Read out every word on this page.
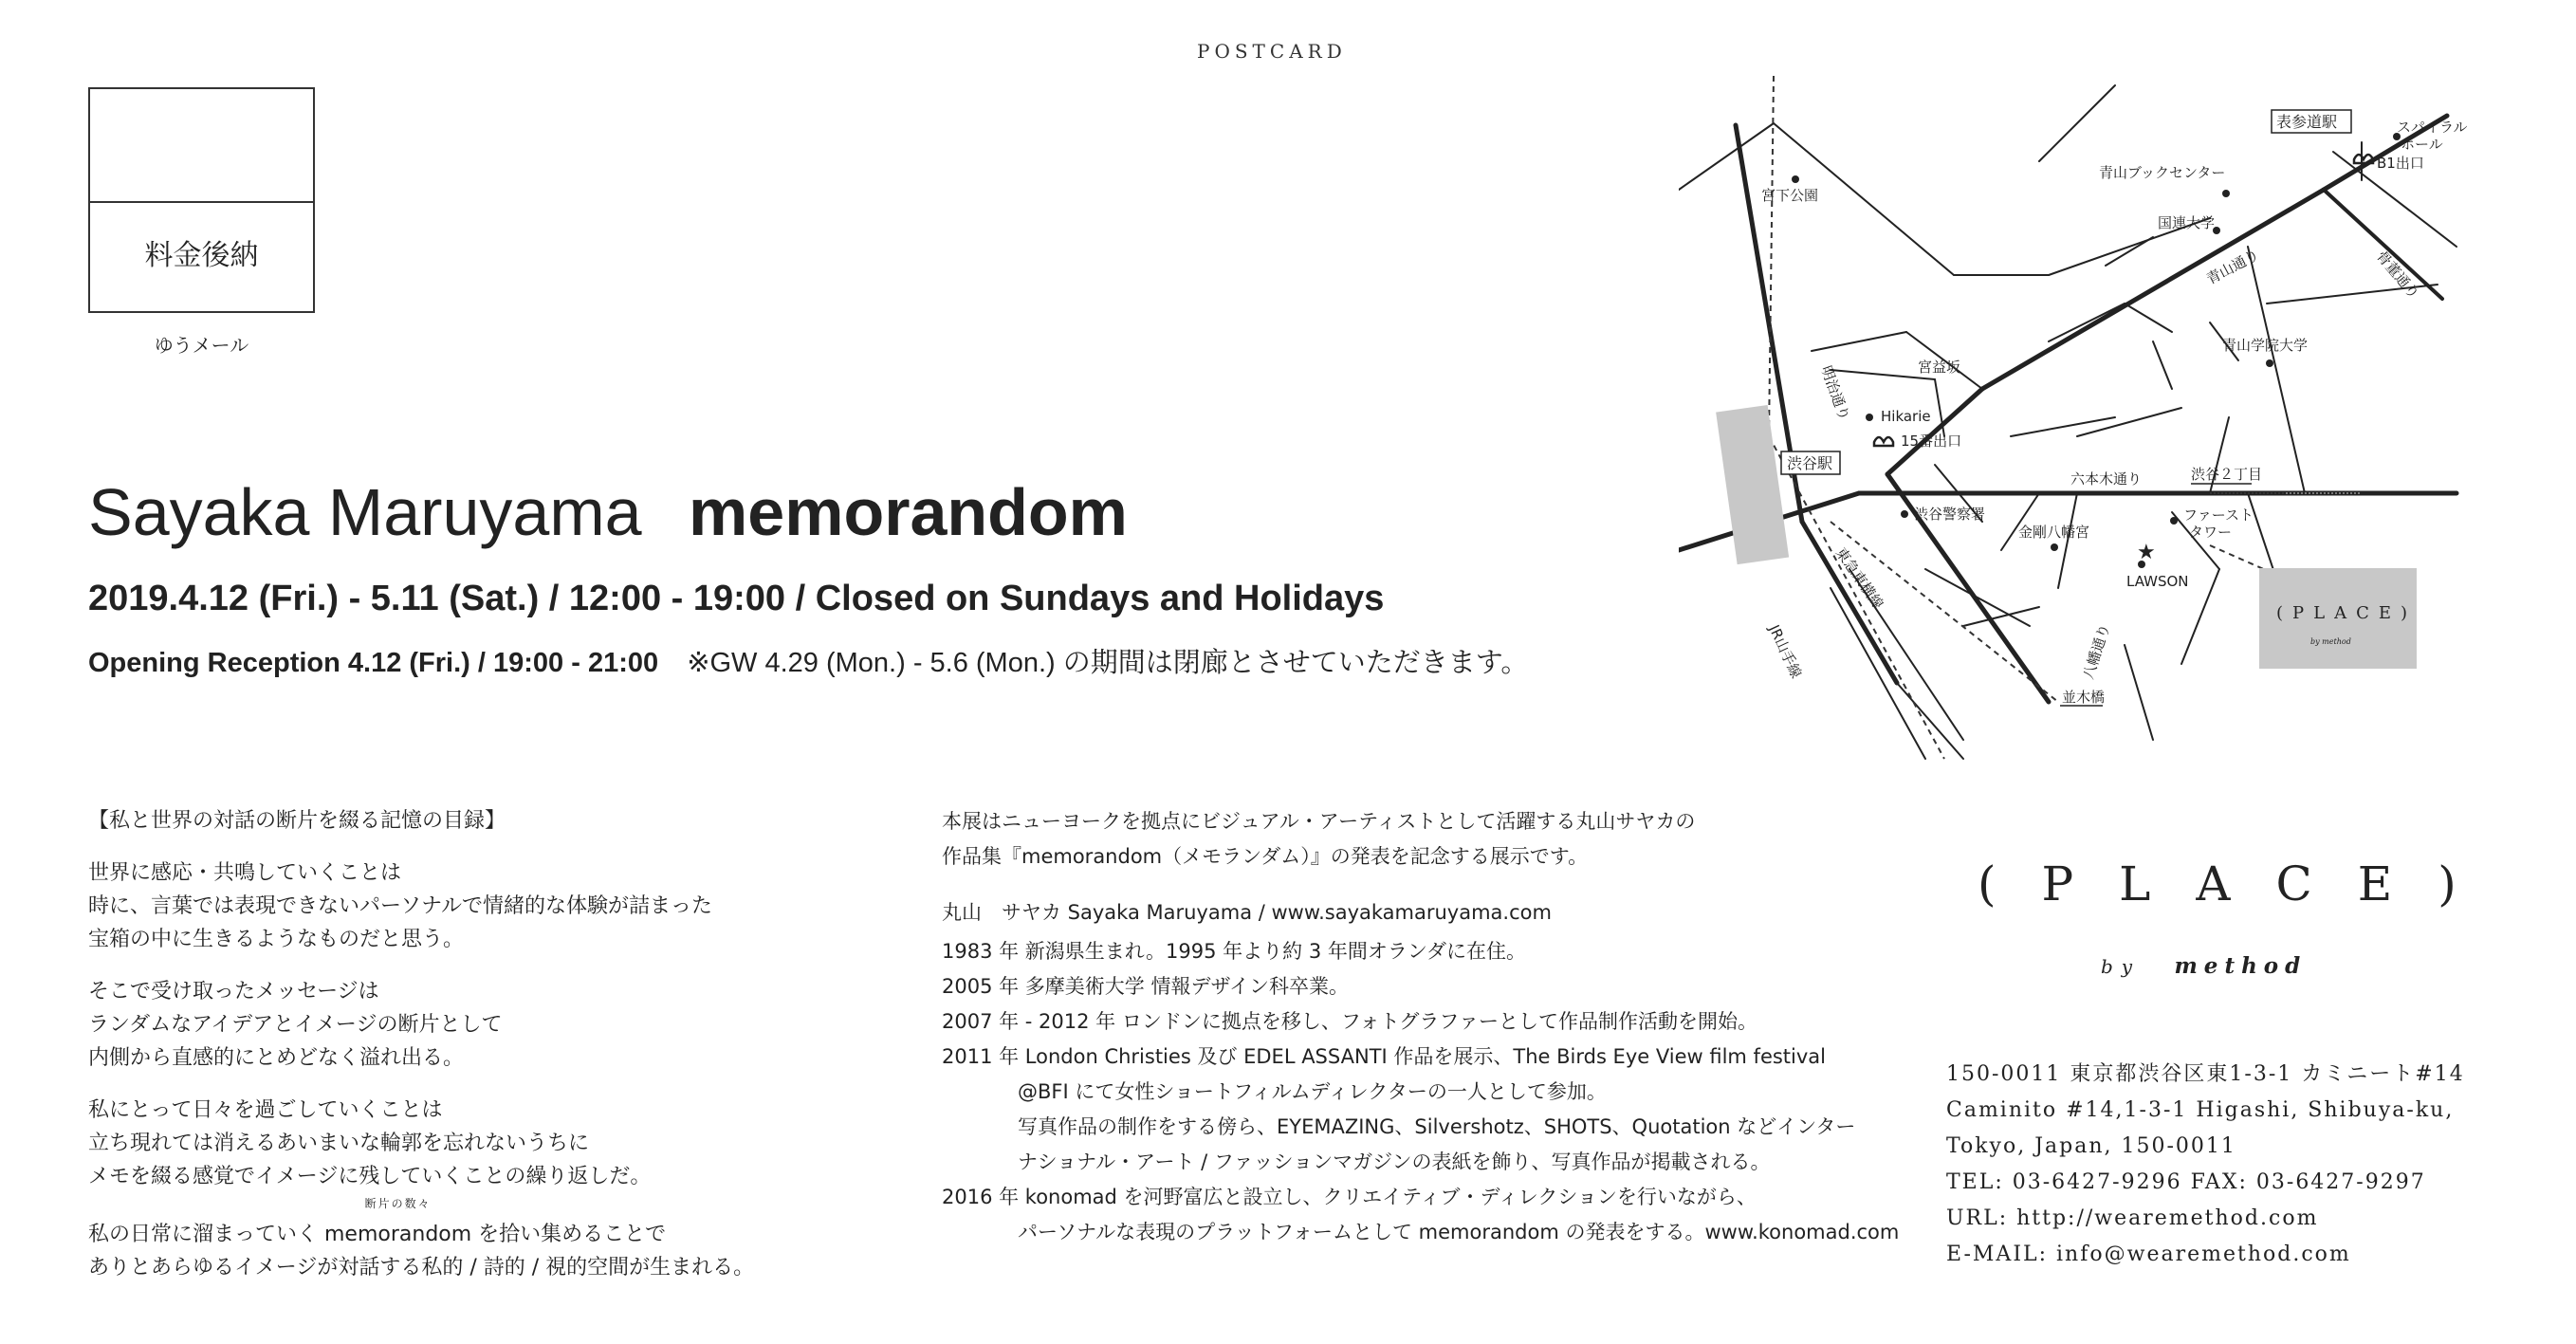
POSTCARD
料金後納
ゆうメール
Sayaka Maruyama memorandom
2019.4.12 (Fri.) - 5.11 (Sat.) / 12:00 - 19:00 / Closed on Sundays and Holidays
Opening Reception 4.12 (Fri.) / 19:00 - 21:00 ※GW 4.29 (Mon.) - 5.6 (Mon.) の期間は閉廊とさせていただきます。
【私と世界の対話の断片を綴る記憶の目録】

世界に感応・共鳴していくことは
時に、言葉では表現できないパーソナルで情緒的な体験が詰まった
宝箱の中に生きるようなものだと思う。

そこで受け取ったメッセージは
ランダムなアイデアとイメージの断片として
内側から直感的にとめどなく溢れ出る。

私にとって日々を過ごしていくことは
立ち現れては消えるあいまいな輪郭を忘れないうちに
メモを綴る感覚でイメージに残していくことの繰り返しだ。

私の日常に溜まっていく
断片の数々
memorandom を拾い集めることで
ありとあらゆるイメージが対話する私的 / 詩的 / 視的空間が生まれる。

本展はニューヨークを拠点にビジュアル・アーティストとして活躍する丸山サヤカの
作品集『memorandom（メモランダム）』の発表を記念する展示です。
丸山　サヤカ Sayaka Maruyama / www.sayakamaruyama.com
1983 年 新潟県生まれ。1995 年より約 3 年間オランダに在住。
2005 年 多摩美術大学 情報デザイン科卒業。
2007 年 - 2012 年 ロンドンに拠点を移し、フォトグラファーとして作品制作活動を開始。
2011 年 London Christies 及び EDEL ASSANTI 作品を展示、The Birds Eye View film festival
@BFI にて女性ショートフィルムディレクターの一人として参加。
写真作品の制作をする傍ら、EYEMAZING、Silvershotz、SHOTS、Quotation などインター
ナショナル・アート / ファッションマガジンの表紙を飾り、写真作品が掲載される。
2016 年 konomad を河野富広と設立し、クリエイティブ・ディレクションを行いながら、
パーソナルな表現のプラットフォームとして memorandom の発表をする。www.konomad.com
(PLACE)
by method
150-0011 東京都渋谷区東1-3-1 カミニート#14
Caminito #14,1-3-1 Higashi, Shibuya-ku,
Tokyo, Japan, 150-0011
TEL: 03-6427-9296 FAX: 03-6427-9297
URL: http://wearemethod.com
E-MAIL: info@wearemethod.com
渋谷駅
(PLACE)
by method
表参道駅
★
スパイラル
ホール
B1出口
青山ブックセンター
宮下公園
国連大学
青山通り	骨董通り
青山学院大学
明治通り	宮益坂
Hikarie
15番出口
六本木通り	渋谷２丁目
渋谷警察署
金剛八幡宮
ファースト
タワー
LAWSON
東急東横線
JR山手線	八幡通り
並木橋
